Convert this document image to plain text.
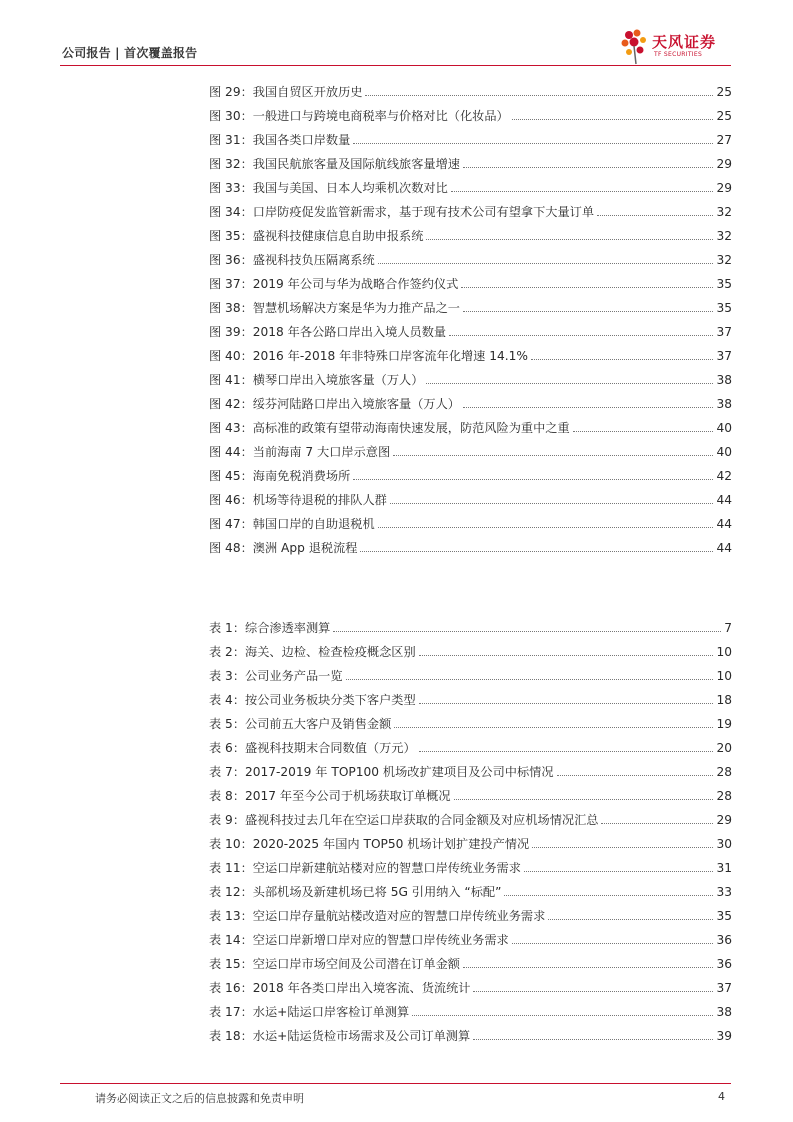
公司报告 | 首次覆盖报告
天风证券
TF SECURITIES
图 29：我国自贸区开放历史	25
图 30：一般进口与跨境电商税率与价格对比（化妆品）	25
图 31：我国各类口岸数量	27
图 32：我国民航旅客量及国际航线旅客量增速	29
图 33：我国与美国、日本人均乘机次数对比	29
图 34：口岸防疫促发监管新需求，基于现有技术公司有望拿下大量订单	32
图 35：盛视科技健康信息自助申报系统	32
图 36：盛视科技负压隔离系统	32
图 37：2019 年公司与华为战略合作签约仪式	35
图 38：智慧机场解决方案是华为力推产品之一	35
图 39：2018 年各公路口岸出入境人员数量	37
图 40：2016 年-2018 年非特殊口岸客流年化增速 14.1%	37
图 41：横琴口岸出入境旅客量（万人）	38
图 42：绥芬河陆路口岸出入境旅客量（万人）	38
图 43：高标准的政策有望带动海南快速发展，防范风险为重中之重	40
图 44：当前海南 7 大口岸示意图	40
图 45：海南免税消费场所	42
图 46：机场等待退税的排队人群	44
图 47：韩国口岸的自助退税机	44
图 48：澳洲 App 退税流程	44
表 1：综合渗透率测算	7
表 2：海关、边检、检查检疫概念区别	10
表 3：公司业务产品一览	10
表 4：按公司业务板块分类下客户类型	18
表 5：公司前五大客户及销售金额	19
表 6：盛视科技期末合同数值（万元）	20
表 7：2017-2019 年 TOP100 机场改扩建项目及公司中标情况	28
表 8：2017 年至今公司于机场获取订单概况	28
表 9：盛视科技过去几年在空运口岸获取的合同金额及对应机场情况汇总	29
表 10：2020-2025 年国内 TOP50 机场计划扩建投产情况	30
表 11：空运口岸新建航站楼对应的智慧口岸传统业务需求	31
表 12：头部机场及新建机场已将 5G 引用纳入 “标配”	33
表 13：空运口岸存量航站楼改造对应的智慧口岸传统业务需求	35
表 14：空运口岸新增口岸对应的智慧口岸传统业务需求	36
表 15：空运口岸市场空间及公司潜在订单金额	36
表 16：2018 年各类口岸出入境客流、货流统计	37
表 17：水运+陆运口岸客检订单测算	38
表 18：水运+陆运货检市场需求及公司订单测算	39
请务必阅读正文之后的信息披露和免责申明	4
